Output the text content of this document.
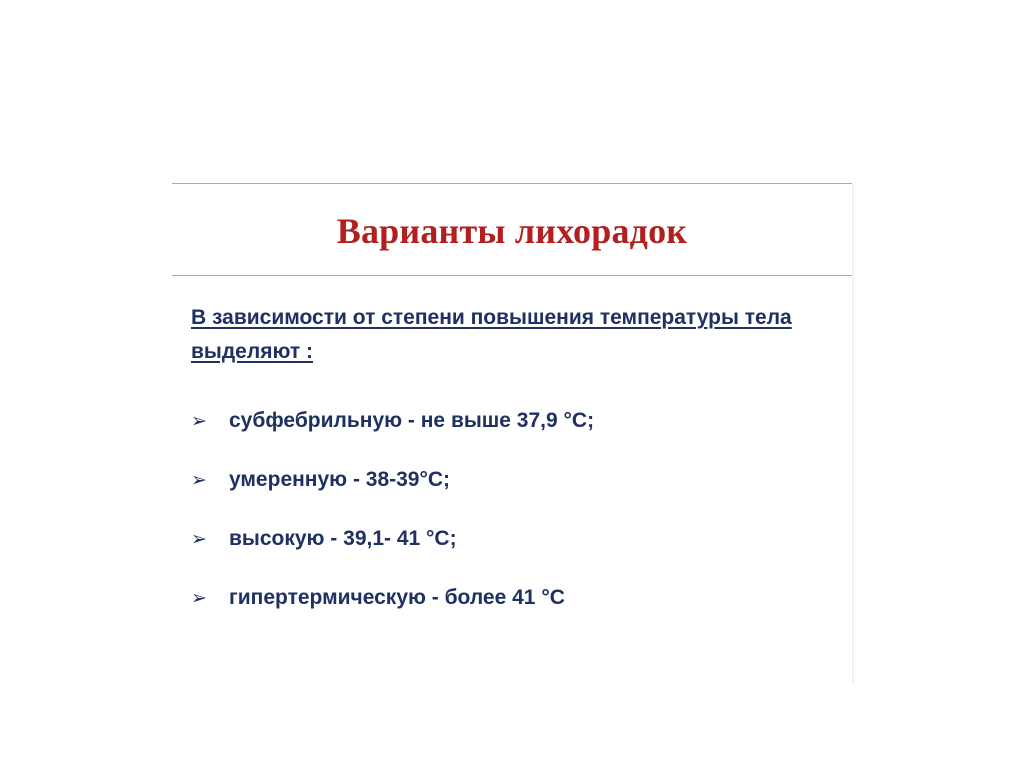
Варианты лихорадок
В зависимости от степени повышения температуры тела выделяют :
➢	субфебрильную - не выше 37,9 °С;
➢	умеренную - 38-39°С;
➢	высокую - 39,1- 41 °С;
➢	гипертермическую - более 41 °С
